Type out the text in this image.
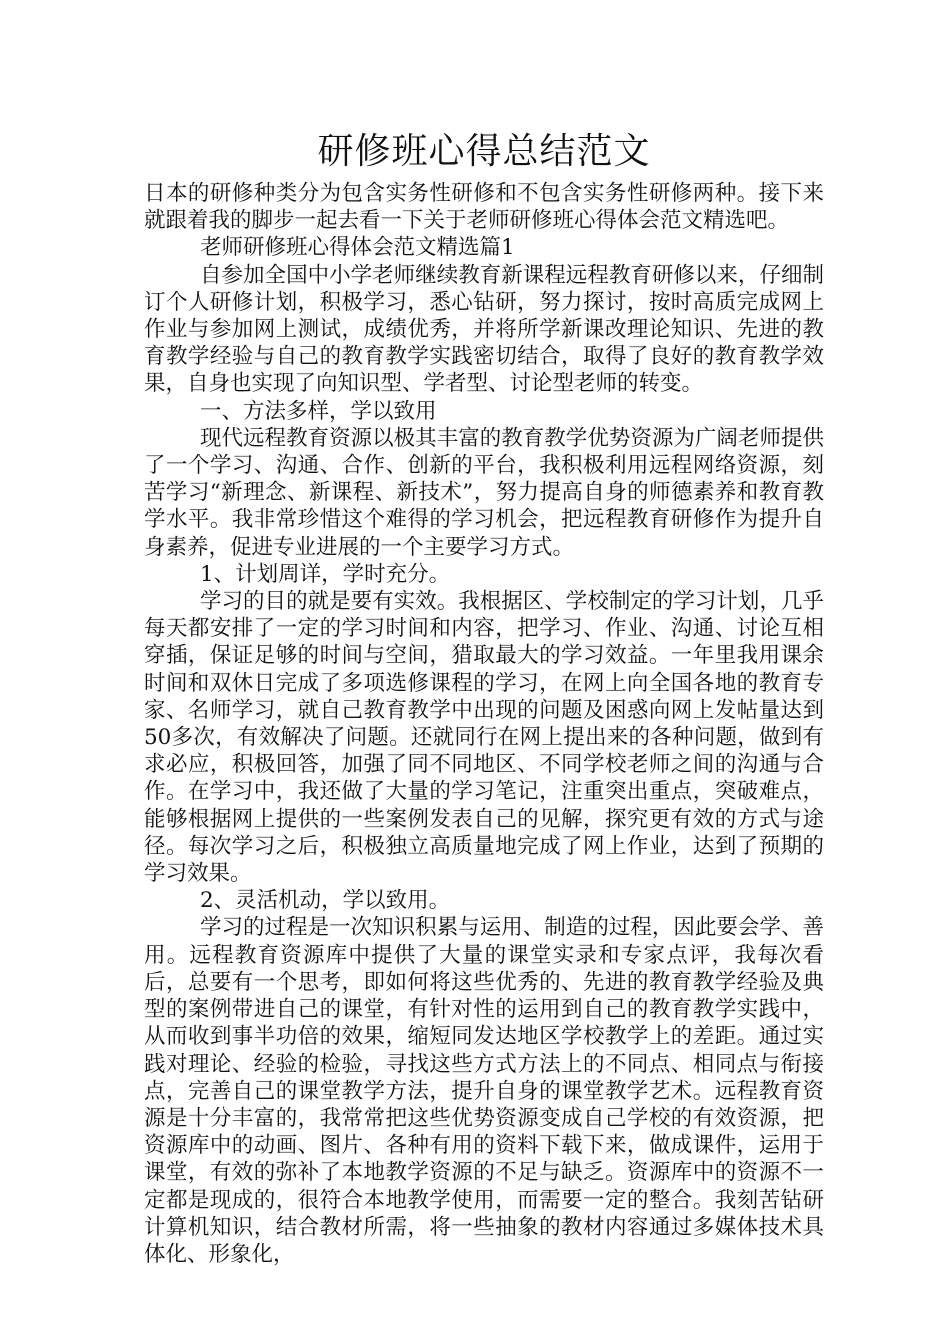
研修班心得总结范文

日本的研修种类分为包含实务性研修和不包含实务性研修两种。接下来就跟着我的脚步一起去看一下关于老师研修班心得体会范文精选吧。

老师研修班心得体会范文精选篇1

自参加全国中小学老师继续教育新课程远程教育研修以来，仔细制订个人研修计划，积极学习，悉心钻研，努力探讨，按时高质完成网上作业与参加网上测试，成绩优秀，并将所学新课改理论知识、先进的教育教学经验与自己的教育教学实践密切结合，取得了良好的教育教学效果，自身也实现了向知识型、学者型、讨论型老师的转变。

一、方法多样，学以致用

现代远程教育资源以极其丰富的教育教学优势资源为广阔老师提供了一个学习、沟通、合作、创新的平台，我积极利用远程网络资源，刻苦学习“新理念、新课程、新技术”，努力提高自身的师德素养和教育教学水平。我非常珍惜这个难得的学习机会，把远程教育研修作为提升自身素养，促进专业进展的一个主要学习方式。

1、计划周详，学时充分。

学习的目的就是要有实效。我根据区、学校制定的学习计划，几乎每天都安排了一定的学习时间和内容，把学习、作业、沟通、讨论互相穿插，保证足够的时间与空间，猎取最大的学习效益。一年里我用课余时间和双休日完成了多项选修课程的学习，在网上向全国各地的教育专家、名师学习，就自己教育教学中出现的问题及困惑向网上发帖量达到50多次，有效解决了问题。还就同行在网上提出来的各种问题，做到有求必应，积极回答，加强了同不同地区、不同学校老师之间的沟通与合作。在学习中，我还做了大量的学习笔记，注重突出重点，突破难点，能够根据网上提供的一些案例发表自己的见解，探究更有效的方式与途径。每次学习之后，积极独立高质量地完成了网上作业，达到了预期的学习效果。

2、灵活机动，学以致用。

学习的过程是一次知识积累与运用、制造的过程，因此要会学、善用。远程教育资源库中提供了大量的课堂实录和专家点评，我每次看后，总要有一个思考，即如何将这些优秀的、先进的教育教学经验及典型的案例带进自己的课堂，有针对性的运用到自己的教育教学实践中，从而收到事半功倍的效果，缩短同发达地区学校教学上的差距。通过实践对理论、经验的检验，寻找这些方式方法上的不同点、相同点与衔接点，完善自己的课堂教学方法，提升自身的课堂教学艺术。远程教育资源是十分丰富的，我常常把这些优势资源变成自己学校的有效资源，把资源库中的动画、图片、各种有用的资料下载下来，做成课件，运用于课堂，有效的弥补了本地教学资源的不足与缺乏。资源库中的资源不一定都是现成的，很符合本地教学使用，而需要一定的整合。我刻苦钻研计算机知识，结合教材所需，将一些抽象的教材内容通过多媒体技术具体化、形象化，
